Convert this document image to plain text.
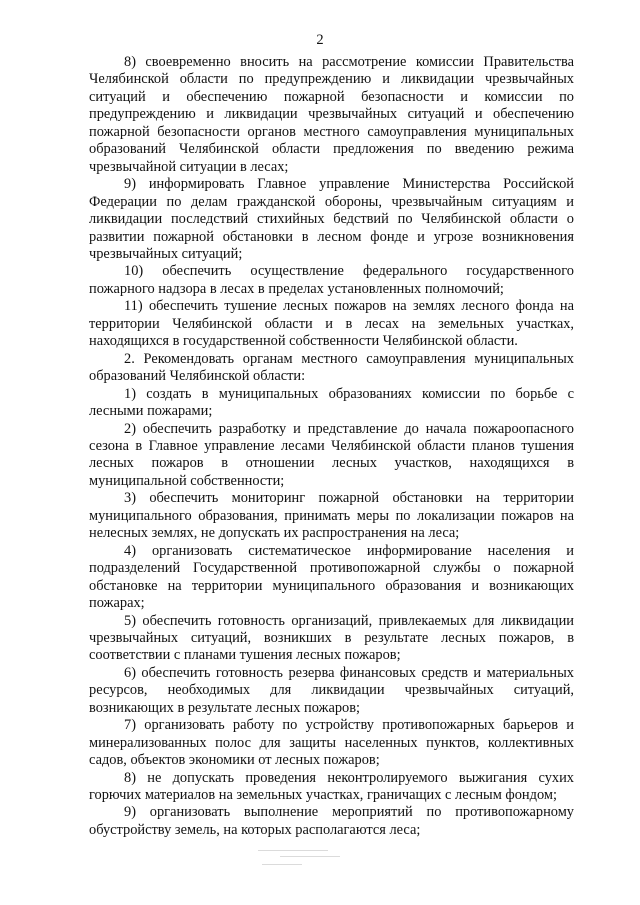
2

8) своевременно вносить на рассмотрение комиссии Правительства Челябинской области по предупреждению и ликвидации чрезвычайных ситуаций и обеспечению пожарной безопасности и комиссии по предупреждению и ликвидации чрезвычайных ситуаций и обеспечению пожарной безопасности органов местного самоуправления муниципальных образований Челябинской области предложения по введению режима чрезвычайной ситуации в лесах;

9) информировать Главное управление Министерства Российской Федерации по делам гражданской обороны, чрезвычайным ситуациям и ликвидации последствий стихийных бедствий по Челябинской области о развитии пожарной обстановки в лесном фонде и угрозе возникновения чрезвычайных ситуаций;

10) обеспечить осуществление федерального государственного пожарного надзора в лесах в пределах установленных полномочий;

11) обеспечить тушение лесных пожаров на землях лесного фонда на территории Челябинской области и в лесах на земельных участках, находящихся в государственной собственности Челябинской области.

2. Рекомендовать органам местного самоуправления муниципальных образований Челябинской области:

1) создать в муниципальных образованиях комиссии по борьбе с лесными пожарами;

2) обеспечить разработку и представление до начала пожароопасного сезона в Главное управление лесами Челябинской области планов тушения лесных пожаров в отношении лесных участков, находящихся в муниципальной собственности;

3) обеспечить мониторинг пожарной обстановки на территории муниципального образования, принимать меры по локализации пожаров на нелесных землях, не допускать их распространения на леса;

4) организовать систематическое информирование населения и подразделений Государственной противопожарной службы о пожарной обстановке на территории муниципального образования и возникающих пожарах;

5) обеспечить готовность организаций, привлекаемых для ликвидации чрезвычайных ситуаций, возникших в результате лесных пожаров, в соответствии с планами тушения лесных пожаров;

6) обеспечить готовность резерва финансовых средств и материальных ресурсов, необходимых для ликвидации чрезвычайных ситуаций, возникающих в результате лесных пожаров;

7) организовать работу по устройству противопожарных барьеров и минерализованных полос для защиты населенных пунктов, коллективных садов, объектов экономики от лесных пожаров;

8) не допускать проведения неконтролируемого выжигания сухих горючих материалов на земельных участках, граничащих с лесным фондом;

9) организовать выполнение мероприятий по противопожарному обустройству земель, на которых располагаются леса;
